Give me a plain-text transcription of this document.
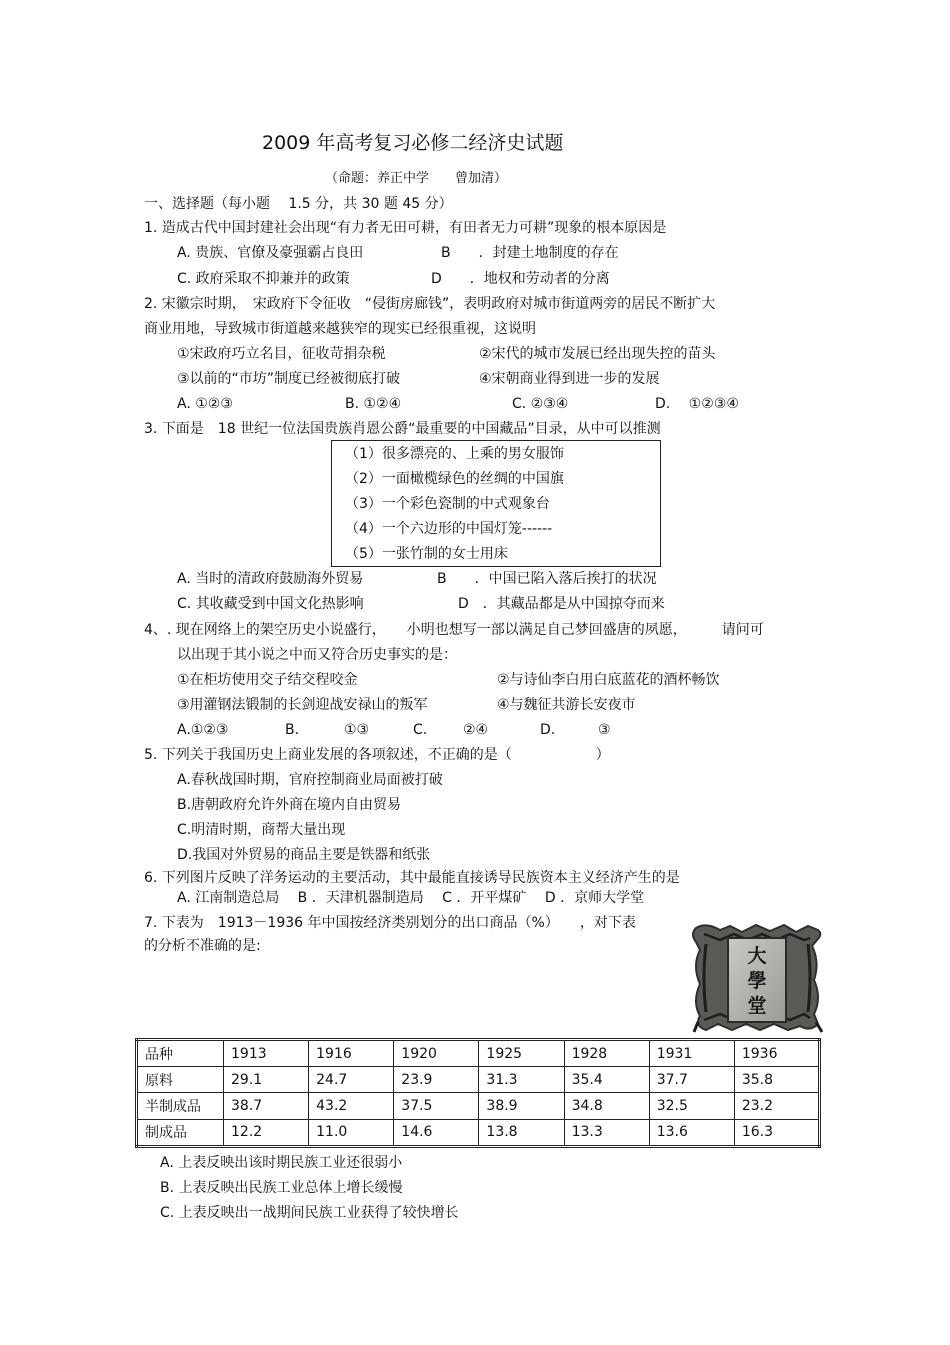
2009 年高考复习必修二经济史试题
（命题：养正中学　　曾加清）
一、选择题（每小题　 1.5 分，共 30 题 45 分）
1. 造成古代中国封建社会出现“有力者无田可耕，有田者无力可耕”现象的根本原因是
A. 贵族、官僚及豪强霸占良田	B　　．封建土地制度的存在
C. 政府采取不抑兼并的政策	D　　．地权和劳动者的分离
2. 宋徽宗时期，　宋政府下令征收　“侵街房廊钱”，表明政府对城市街道两旁的居民不断扩大
商业用地，导致城市街道越来越狭窄的现实已经很重视，这说明
①宋政府巧立名目，征收苛捐杂税	②宋代的城市发展已经出现失控的苗头
③以前的“市坊”制度已经被彻底打破	④宋朝商业得到进一步的发展
A. ①②③	B. ①②④	C. ②③④	D.　 ①②③④
3. 下面是　18 世纪一位法国贵族肖恩公爵“最重要的中国藏品”目录，从中可以推测
（1）很多漂亮的、上乘的男女服饰
（2）一面橄榄绿色的丝绸的中国旗
（3）一个彩色瓷制的中式观象台
（4）一个六边形的中国灯笼------
（5）一张竹制的女士用床
A. 当时的清政府鼓励海外贸易	B　　．中国已陷入落后挨打的状况
C. 其收藏受到中国文化热影响	D　．其藏品都是从中国掠夺而来
4、. 现在网络上的架空历史小说盛行，　　小明也想写一部以满足自己梦回盛唐的夙愿，　　　请问可
以出现于其小说之中而又符合历史事实的是：
①在柜坊使用交子结交程咬金	②与诗仙李白用白底蓝花的酒杯畅饮
③用灌钢法锻制的长剑迎战安禄山的叛军	④与魏征共游长安夜市
A.①②③	B.	①③	C.	②④	D.	③
5. 下列关于我国历史上商业发展的各项叙述，不正确的是（　　　　　　）
A.春秋战国时期，官府控制商业局面被打破
B.唐朝政府允许外商在境内自由贸易
C.明清时期，商帮大量出现
D.我国对外贸易的商品主要是铁器和纸张
6. 下列图片反映了洋务运动的主要活动，其中最能直接诱导民族资本主义经济产生的是
A. 江南制造总局　 B ．天津机器制造局　 C ．开平煤矿　 D ．京师大学堂
7. 下表为　1913－1936 年中国按经济类别划分的出口商品（%）　　，对下表
的分析不准确的是:	大
學
堂
品种	1913	1916	1920	1925	1928	1931	1936
原料	29.1	24.7	23.9	31.3	35.4	37.7	35.8
半制成品	38.7	43.2	37.5	38.9	34.8	32.5	23.2
制成品	12.2	11.0	14.6	13.8	13.3	13.6	16.3
A. 上表反映出该时期民族工业还很弱小
B. 上表反映出民族工业总体上增长缓慢
C. 上表反映出一战期间民族工业获得了较快增长
